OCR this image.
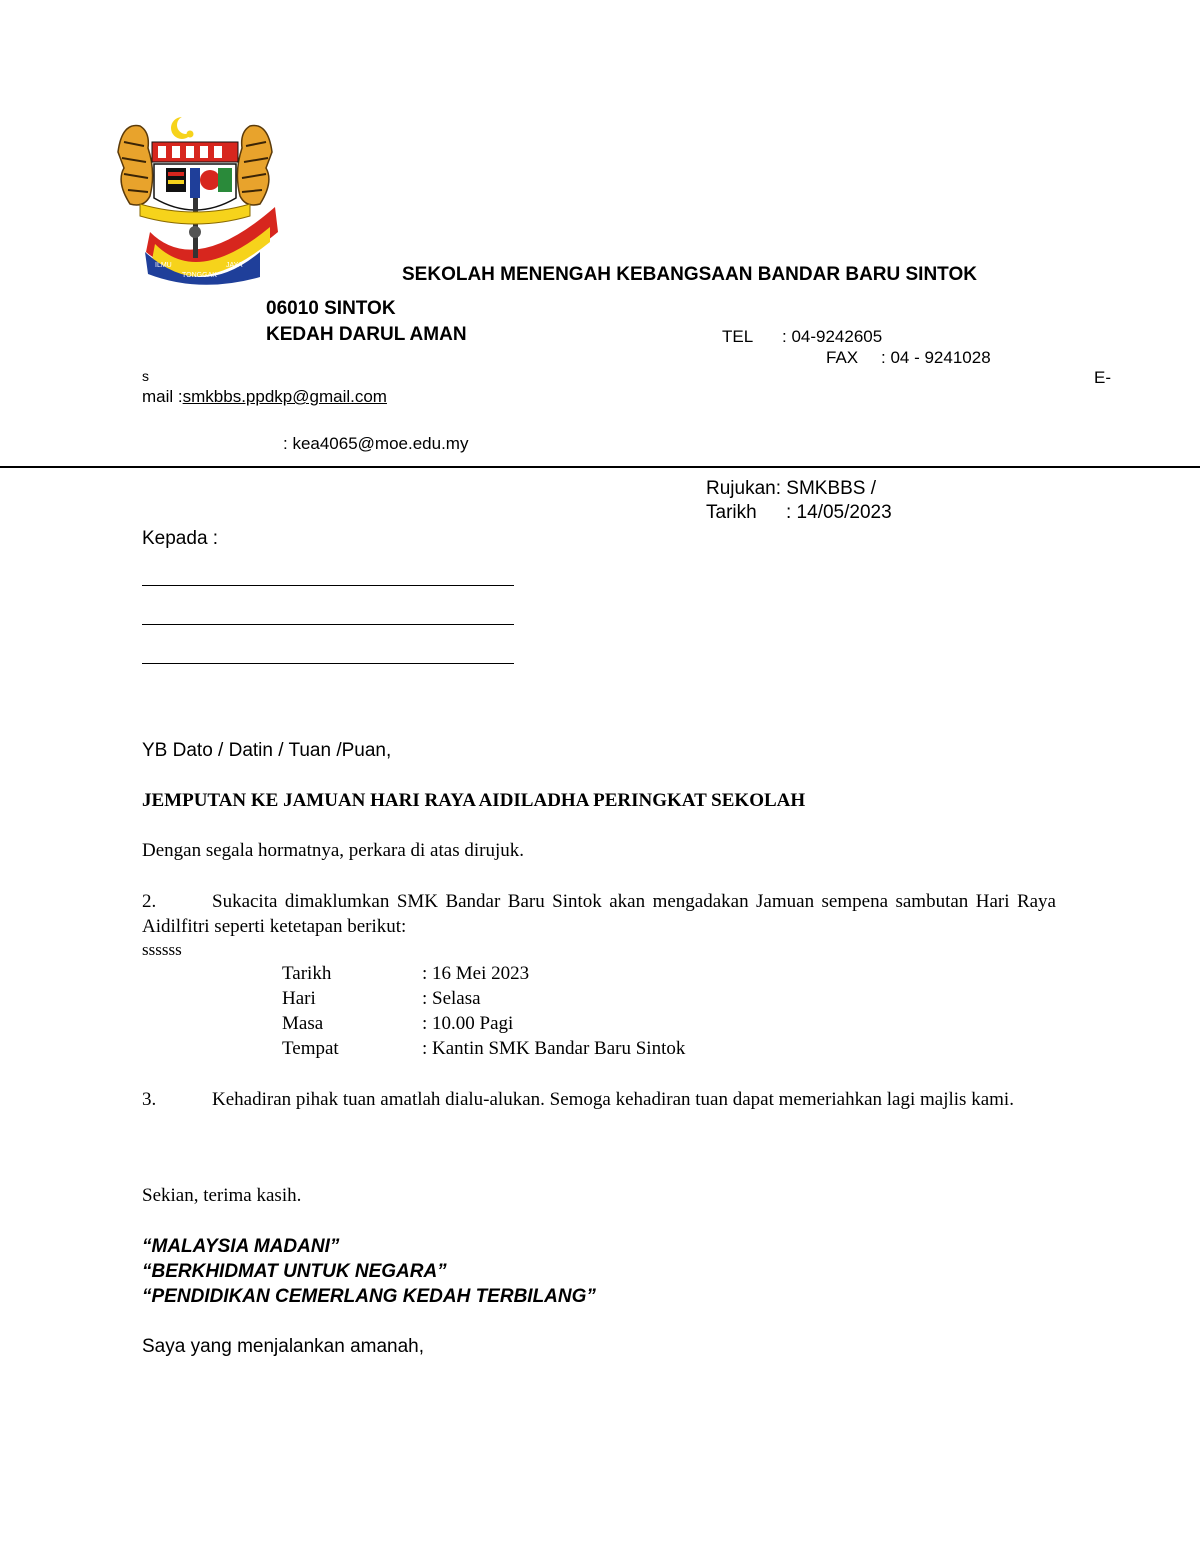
ILMU
TONGGAK
JAYA	SEKOLAH MENENGAH KEBANGSAAN BANDAR BARU SINTOK
06010 SINTOK
KEDAH DARUL AMAN	TEL : 04-9242605
FAX : 04 - 9241028
s	E-
mail :smkbbs.ppdkp@gmail.com
: kea4065@moe.edu.my
Rujukan: SMKBBS /
Tarikh : 14/05/2023
Kepada :
YB Dato / Datin / Tuan /Puan,
JEMPUTAN KE JAMUAN HARI RAYA AIDILADHA PERINGKAT SEKOLAH
Dengan segala hormatnya, perkara di atas dirujuk.
2.	Sukacita dimaklumkan SMK Bandar Baru Sintok akan mengadakan Jamuan sempena sambutan Hari Raya Aidilfitri seperti ketetapan berikut:
ssssss
Tarikh	: 16 Mei 2023
Hari	: Selasa
Masa	: 10.00 Pagi
Tempat	: Kantin SMK Bandar Baru Sintok
3.	Kehadiran pihak tuan amatlah dialu-alukan. Semoga kehadiran tuan dapat memeriahkan lagi majlis kami.
Sekian, terima kasih.
“MALAYSIA MADANI”
“BERKHIDMAT UNTUK NEGARA”
“PENDIDIKAN CEMERLANG KEDAH TERBILANG”
Saya yang menjalankan amanah,
